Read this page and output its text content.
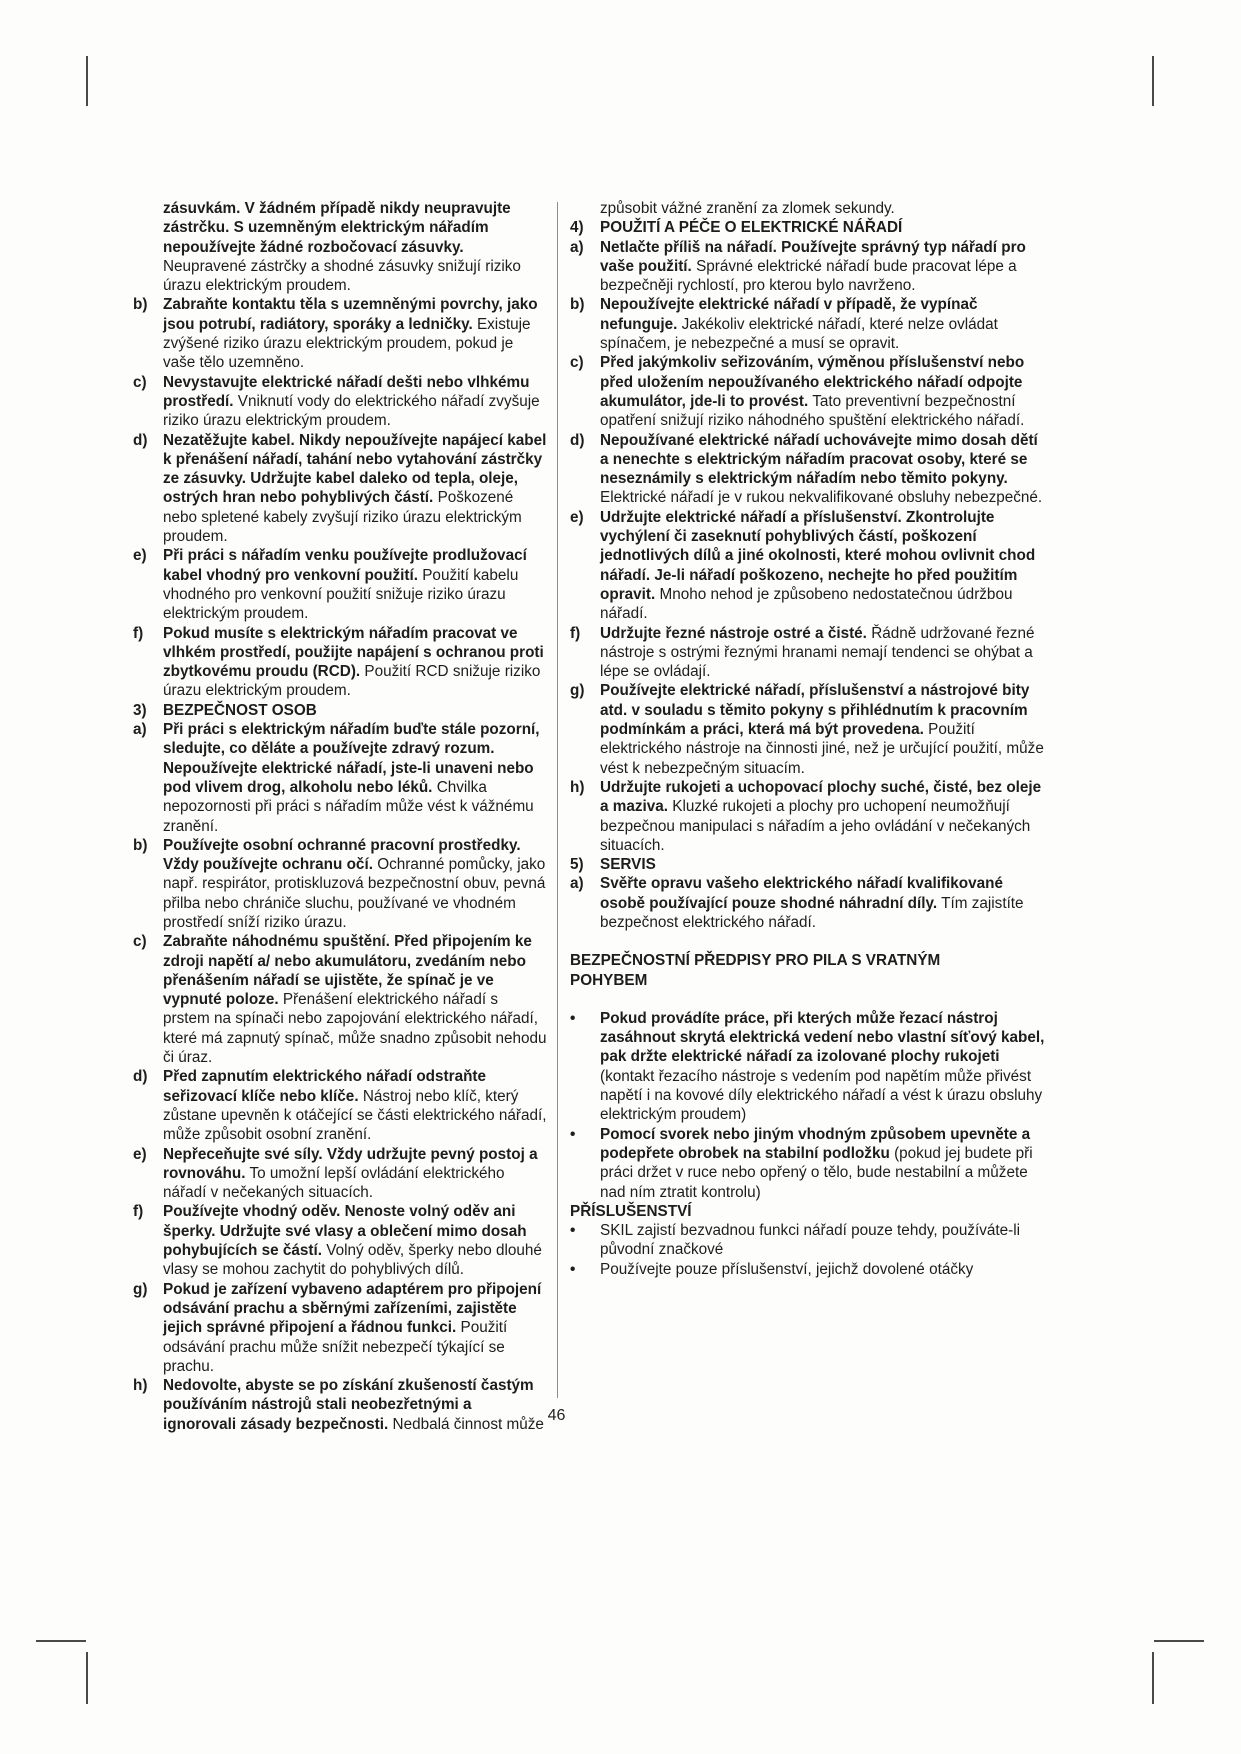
zásuvkám. V žádném případě nikdy neupravujte zástrčku. S uzemněným elektrickým nářadím nepoužívejte žádné rozbočovací zásuvky. Neupravené zástrčky a shodné zásuvky snižují riziko úrazu elektrickým proudem.
b)	Zabraňte kontaktu těla s uzemněnými povrchy, jako jsou potrubí, radiátory, sporáky a ledničky. Existuje zvýšené riziko úrazu elektrickým proudem, pokud je vaše tělo uzemněno.
c)	Nevystavujte elektrické nářadí dešti nebo vlhkému prostředí. Vniknutí vody do elektrického nářadí zvyšuje riziko úrazu elektrickým proudem.
d)	Nezatěžujte kabel. Nikdy nepoužívejte napájecí kabel k přenášení nářadí, tahání nebo vytahování zástrčky ze zásuvky. Udržujte kabel daleko od tepla, oleje, ostrých hran nebo pohyblivých částí. Poškozené nebo spletené kabely zvyšují riziko úrazu elektrickým proudem.
e)	Při práci s nářadím venku používejte prodlužovací kabel vhodný pro venkovní použití. Použití kabelu vhodného pro venkovní použití snižuje riziko úrazu elektrickým proudem.
f)	Pokud musíte s elektrickým nářadím pracovat ve vlhkém prostředí, použijte napájení s ochranou proti zbytkovému proudu (RCD). Použití RCD snižuje riziko úrazu elektrickým proudem.
3)	BEZPEČNOST OSOB
a)	Při práci s elektrickým nářadím buďte stále pozorní, sledujte, co děláte a používejte zdravý rozum. Nepoužívejte elektrické nářadí, jste-li unaveni nebo pod vlivem drog, alkoholu nebo léků. Chvilka nepozornosti při práci s nářadím může vést k vážnému zranění.
b)	Používejte osobní ochranné pracovní prostředky. Vždy používejte ochranu očí. Ochranné pomůcky, jako např. respirátor, protiskluzová bezpečnostní obuv, pevná přilba nebo chrániče sluchu, používané ve vhodném prostředí sníží riziko úrazu.
c)	Zabraňte náhodnému spuštění. Před připojením ke zdroji napětí a/ nebo akumulátoru, zvedáním nebo přenášením nářadí se ujistěte, že spínač je ve vypnuté poloze. Přenášení elektrického nářadí s prstem na spínači nebo zapojování elektrického nářadí, které má zapnutý spínač, může snadno způsobit nehodu či úraz.
d)	Před zapnutím elektrického nářadí odstraňte seřizovací klíče nebo klíče. Nástroj nebo klíč, který zůstane upevněn k otáčející se části elektrického nářadí, může způsobit osobní zranění.
e)	Nepřeceňujte své síly. Vždy udržujte pevný postoj a rovnováhu. To umožní lepší ovládání elektrického nářadí v nečekaných situacích.
f)	Používejte vhodný oděv. Nenoste volný oděv ani šperky. Udržujte své vlasy a oblečení mimo dosah pohybujících se částí. Volný oděv, šperky nebo dlouhé vlasy se mohou zachytit do pohyblivých dílů.
g)	Pokud je zařízení vybaveno adaptérem pro připojení odsávání prachu a sběrnými zařízeními, zajistěte jejich správné připojení a řádnou funkci. Použití odsávání prachu může snížit nebezpečí týkající se prachu.
h)	Nedovolte, abyste se po získání zkušeností častým používáním nástrojů stali neobezřetnými a ignorovali zásady bezpečnosti. Nedbalá činnost může
způsobit vážné zranění za zlomek sekundy.
4)	POUŽITÍ A PÉČE O ELEKTRICKÉ NÁŘADÍ
a)	Netlačte příliš na nářadí. Používejte správný typ nářadí pro vaše použití. Správné elektrické nářadí bude pracovat lépe a bezpečněji rychlostí, pro kterou bylo navrženo.
b)	Nepoužívejte elektrické nářadí v případě, že vypínač nefunguje. Jakékoliv elektrické nářadí, které nelze ovládat spínačem, je nebezpečné a musí se opravit.
c)	Před jakýmkoliv seřizováním, výměnou příslušenství nebo před uložením nepoužívaného elektrického nářadí odpojte akumulátor, jde-li to provést. Tato preventivní bezpečnostní opatření snižují riziko náhodného spuštění elektrického nářadí.
d)	Nepoužívané elektrické nářadí uchovávejte mimo dosah dětí a nenechte s elektrickým nářadím pracovat osoby, které se neseznámily s elektrickým nářadím nebo těmito pokyny. Elektrické nářadí je v rukou nekvalifikované obsluhy nebezpečné.
e)	Udržujte elektrické nářadí a příslušenství. Zkontrolujte vychýlení či zaseknutí pohyblivých částí, poškození jednotlivých dílů a jiné okolnosti, které mohou ovlivnit chod nářadí. Je-li nářadí poškozeno, nechejte ho před použitím opravit. Mnoho nehod je způsobeno nedostatečnou údržbou nářadí.
f)	Udržujte řezné nástroje ostré a čisté. Řádně udržované řezné nástroje s ostrými řeznými hranami nemají tendenci se ohýbat a lépe se ovládají.
g)	Používejte elektrické nářadí, příslušenství a nástrojové bity atd. v souladu s těmito pokyny s přihlédnutím k pracovním podmínkám a práci, která má být provedena. Použití elektrického nástroje na činnosti jiné, než je určující použití, může vést k nebezpečným situacím.
h)	Udržujte rukojeti a uchopovací plochy suché, čisté, bez oleje a maziva. Kluzké rukojeti a plochy pro uchopení neumožňují bezpečnou manipulaci s nářadím a jeho ovládání v nečekaných situacích.
5)	SERVIS
a)	Svěřte opravu vašeho elektrického nářadí kvalifikované osobě používající pouze shodné náhradní díly. Tím zajistíte bezpečnost elektrického nářadí.
BEZPEČNOSTNÍ PŘEDPISY PRO PILA S VRATNÝM POHYBEM
•	Pokud provádíte práce, při kterých může řezací nástroj zasáhnout skrytá elektrická vedení nebo vlastní síťový kabel, pak držte elektrické nářadí za izolované plochy rukojeti (kontakt řezacího nástroje s vedením pod napětím může přivést napětí i na kovové díly elektrického nářadí a vést k úrazu obsluhy elektrickým proudem)
•	Pomocí svorek nebo jiným vhodným způsobem upevněte a podepřete obrobek na stabilní podložku (pokud jej budete při práci držet v ruce nebo opřený o tělo, bude nestabilní a můžete nad ním ztratit kontrolu)
PŘÍSLUŠENSTVÍ
•	SKIL zajistí bezvadnou funkci nářadí pouze tehdy, používáte-li původní značkové
•	Používejte pouze příslušenství, jejichž dovolené otáčky
46
